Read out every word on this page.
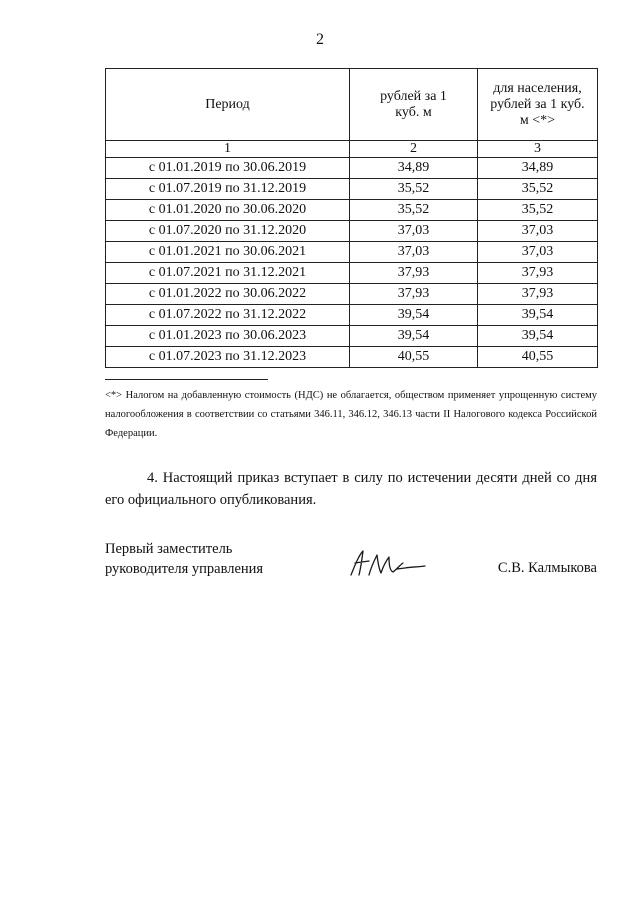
2
Период	рублей за 1 куб. м	для населения, рублей за 1 куб. м <*>
1	2	3
с 01.01.2019 по 30.06.2019	34,89	34,89
с 01.07.2019 по 31.12.2019	35,52	35,52
с 01.01.2020 по 30.06.2020	35,52	35,52
с 01.07.2020 по 31.12.2020	37,03	37,03
с 01.01.2021 по 30.06.2021	37,03	37,03
с 01.07.2021 по 31.12.2021	37,93	37,93
с 01.01.2022 по 30.06.2022	37,93	37,93
с 01.07.2022 по 31.12.2022	39,54	39,54
с 01.01.2023 по 30.06.2023	39,54	39,54
с 01.07.2023 по 31.12.2023	40,55	40,55
<*> Налогом на добавленную стоимость (НДС) не облагается, обществом применяет упрощенную систему налогообложения в соответствии со статьями 346.11, 346.12, 346.13 части II Налогового кодекса Российской Федерации.
4. Настоящий приказ вступает в силу по истечении десяти дней со дня его официального опубликования.
Первый заместитель
руководителя управления	С.В. Калмыкова
